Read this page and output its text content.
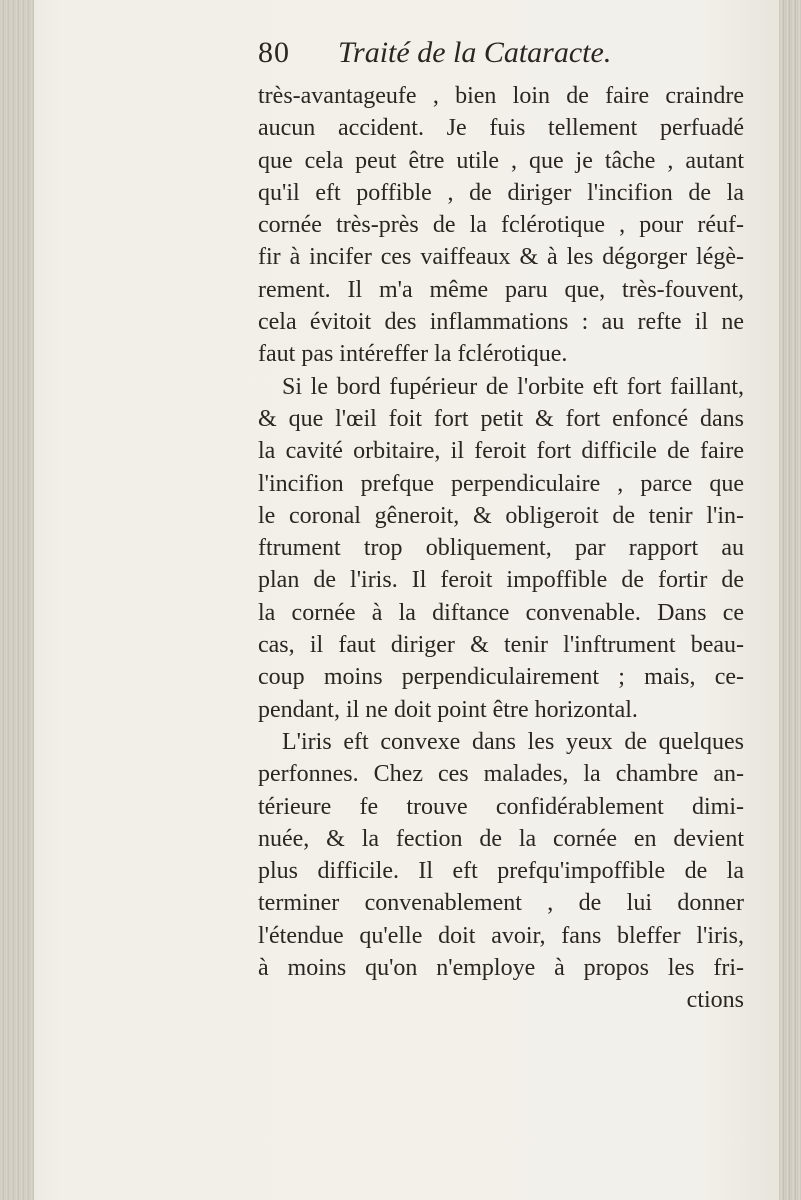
80 Traité de la Cataracte.
très-avantageufe , bien loin de faire craindre
aucun accident. Je fuis tellement perfuadé
que cela peut être utile , que je tâche , autant
qu'il eft poffible , de diriger l'incifion de la
cornée très-près de la fclérotique , pour réuf-
fir à incifer ces vaiffeaux & à les dégorger légè-
rement. Il m'a même paru que, très-fouvent,
cela évitoit des inflammations : au refte il ne
faut pas intéreffer la fclérotique.
Si le bord fupérieur de l'orbite eft fort faillant,
& que l'œil foit fort petit & fort enfoncé dans
la cavité orbitaire, il feroit fort difficile de faire
l'incifion prefque perpendiculaire , parce que
le coronal gêneroit, & obligeroit de tenir l'in-
ftrument trop obliquement, par rapport au
plan de l'iris. Il feroit impoffible de fortir de
la cornée à la diftance convenable. Dans ce
cas, il faut diriger & tenir l'inftrument beau-
coup moins perpendiculairement ; mais, ce-
pendant, il ne doit point être horizontal.
L'iris eft convexe dans les yeux de quelques
perfonnes. Chez ces malades, la chambre an-
térieure fe trouve confidérablement dimi-
nuée, & la fection de la cornée en devient
plus difficile. Il eft prefqu'impoffible de la
terminer convenablement , de lui donner
l'étendue qu'elle doit avoir, fans bleffer l'iris,
à moins qu'on n'employe à propos les fri-
ctions
